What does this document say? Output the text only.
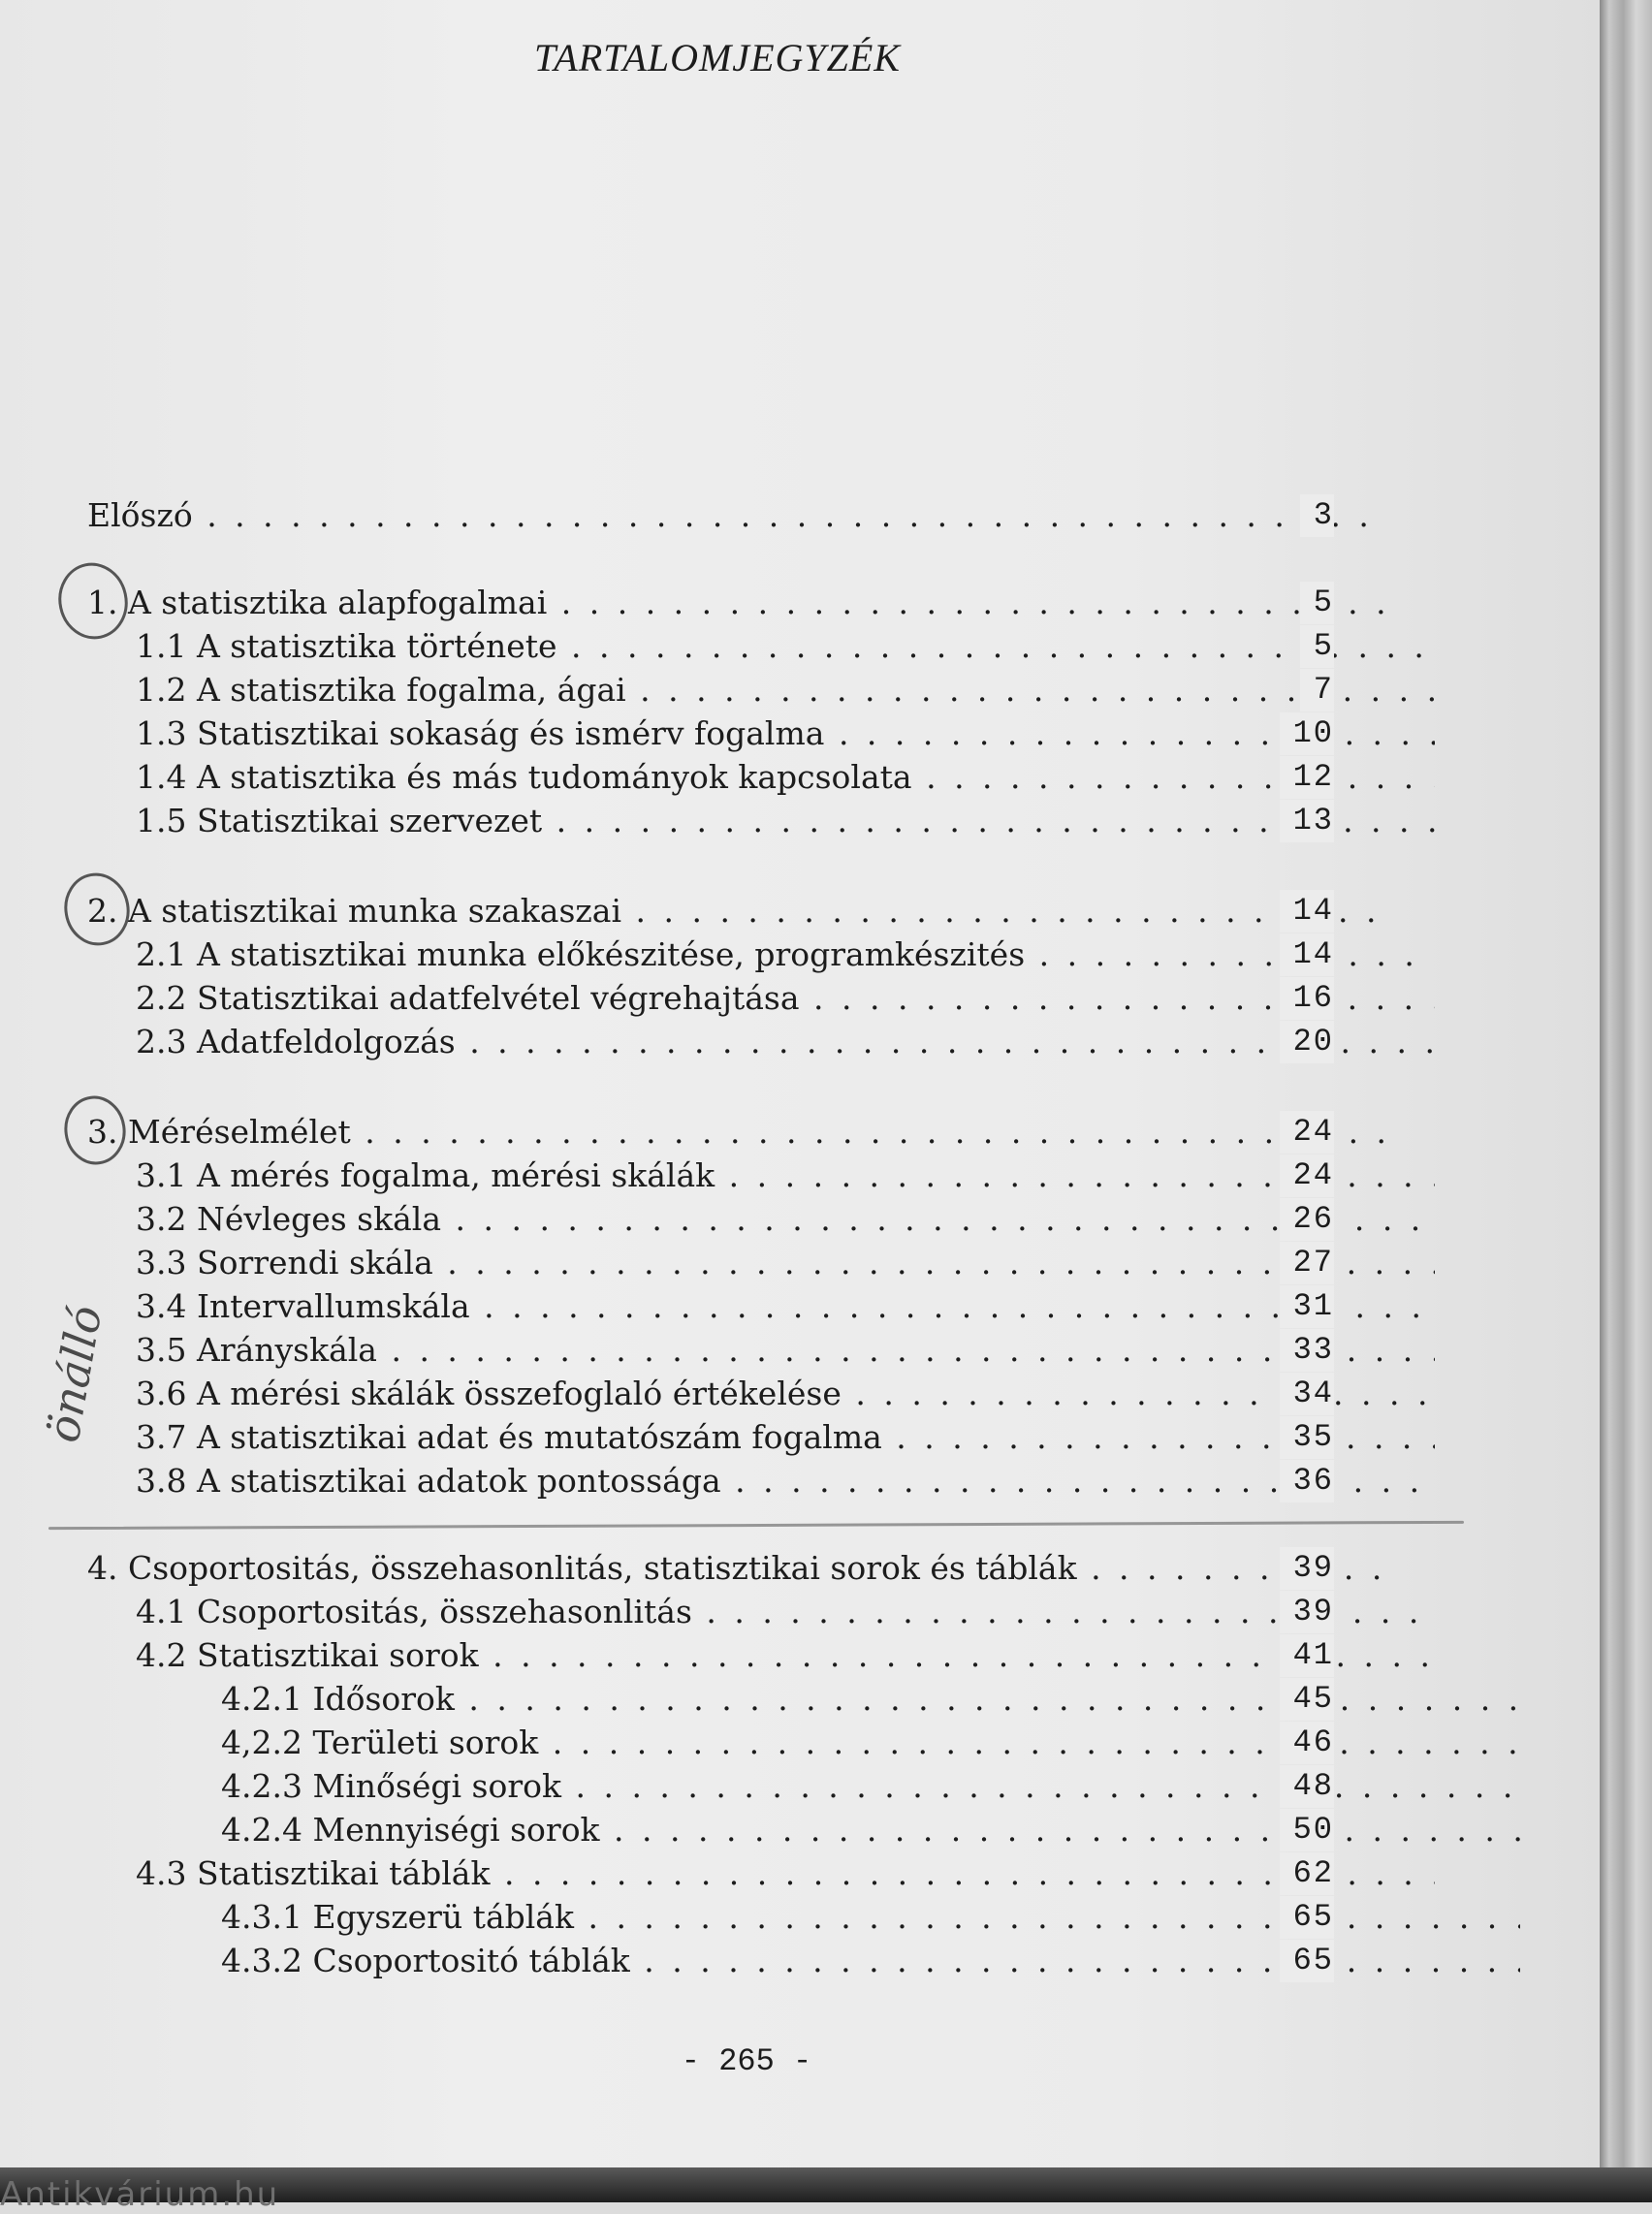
TARTALOMJEGYZÉK
Előszó . . .	3
1. A statisztika alapfogalmai . . .	5
1.1 A statisztika története . . .	5
1.2 A statisztika fogalma, ágai . . .	7
1.3 Statisztikai sokaság és ismérv fogalma . . .	10
1.4 A statisztika és más tudományok kapcsolata . . .	12
1.5 Statisztikai szervezet . . .	13
2. A statisztikai munka szakaszai . . .	14
2.1 A statisztikai munka előkészitése, programkészités . . .	14
2.2 Statisztikai adatfelvétel végrehajtása . . .	16
2.3 Adatfeldolgozás . . .	20
3. Méréselmélet . . .	24
3.1 A mérés fogalma, mérési skálák . . .	24
3.2 Névleges skála . . .	26
3.3 Sorrendi skála . . .	27
3.4 Intervallumskála . . .	31
3.5 Arányskála . . .	33
3.6 A mérési skálák összefoglaló értékelése . . .	34
3.7 A statisztikai adat és mutatószám fogalma . . .	35
3.8 A statisztikai adatok pontossága . . .	36
4. Csoportositás, összehasonlitás, statisztikai sorok és táblák . . .	39
4.1 Csoportositás, összehasonlitás . . .	39
4.2 Statisztikai sorok . . .	41
4.2.1 Idősorok . . .	45
4,2.2 Területi sorok . . .	46
4.2.3 Minőségi sorok . . .	48
4.2.4 Mennyiségi sorok . . .	50
4.3 Statisztikai táblák . . .	62
4.3.1 Egyszerü táblák . . .	65
4.3.2 Csoportositó táblák . . .	65
önálló
- 265 -
Antikvárium.hu
